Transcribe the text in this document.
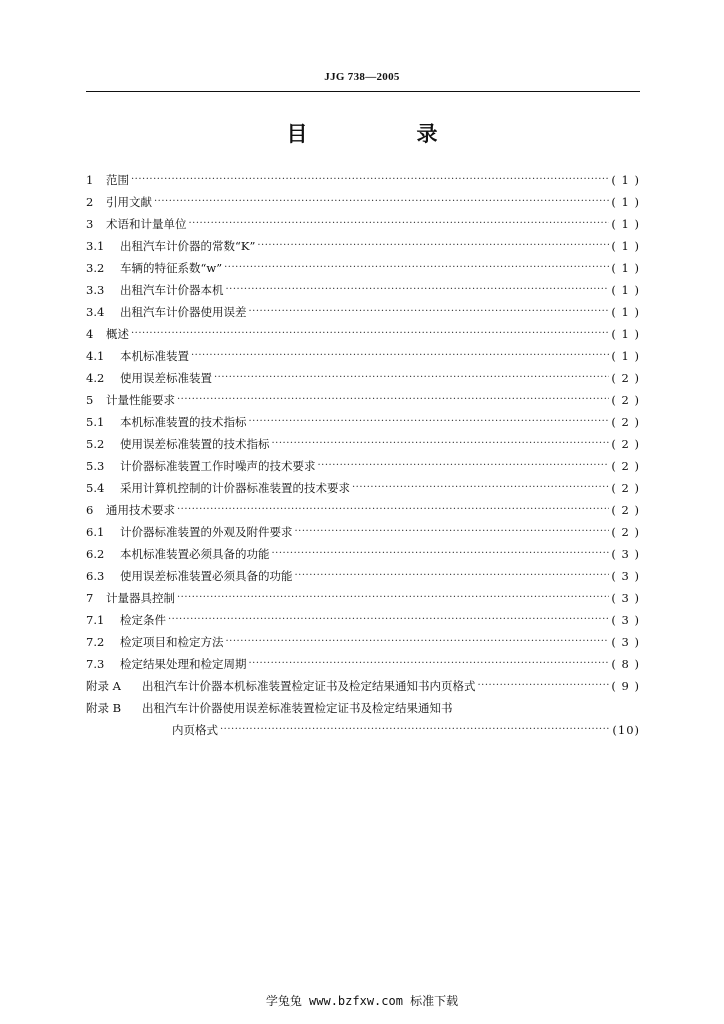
JJG 738—2005
目　录
1	范围 ·····	( 1 )
2	引用文献 ·····	( 1 )
3	术语和计量单位 ·····	( 1 )
3.1	出租汽车计价器的常数“K” ·····	( 1 )
3.2	车辆的特征系数“w” ·····	( 1 )
3.3	出租汽车计价器本机 ·····	( 1 )
3.4	出租汽车计价器使用误差 ·····	( 1 )
4	概述 ·····	( 1 )
4.1	本机标准装置 ·····	( 1 )
4.2	使用误差标准装置 ·····	( 2 )
5	计量性能要求 ·····	( 2 )
5.1	本机标准装置的技术指标 ·····	( 2 )
5.2	使用误差标准装置的技术指标 ·····	( 2 )
5.3	计价器标准装置工作时噪声的技术要求 ·····	( 2 )
5.4	采用计算机控制的计价器标准装置的技术要求 ·····	( 2 )
6	通用技术要求 ·····	( 2 )
6.1	计价器标准装置的外观及附件要求 ·····	( 2 )
6.2	本机标准装置必须具备的功能 ·····	( 3 )
6.3	使用误差标准装置必须具备的功能 ·····	( 3 )
7	计量器具控制 ·····	( 3 )
7.1	检定条件 ·····	( 3 )
7.2	检定项目和检定方法 ·····	( 3 )
7.3	检定结果处理和检定周期 ·····	( 8 )
附录 A	出租汽车计价器本机标准装置检定证书及检定结果通知书内页格式 ·····	( 9 )
附录 B	出租汽车计价器使用误差标准装置检定证书及检定结果通知书
内页格式 ·····	(10)
学兔兔 www.bzfxw.com 标准下载
